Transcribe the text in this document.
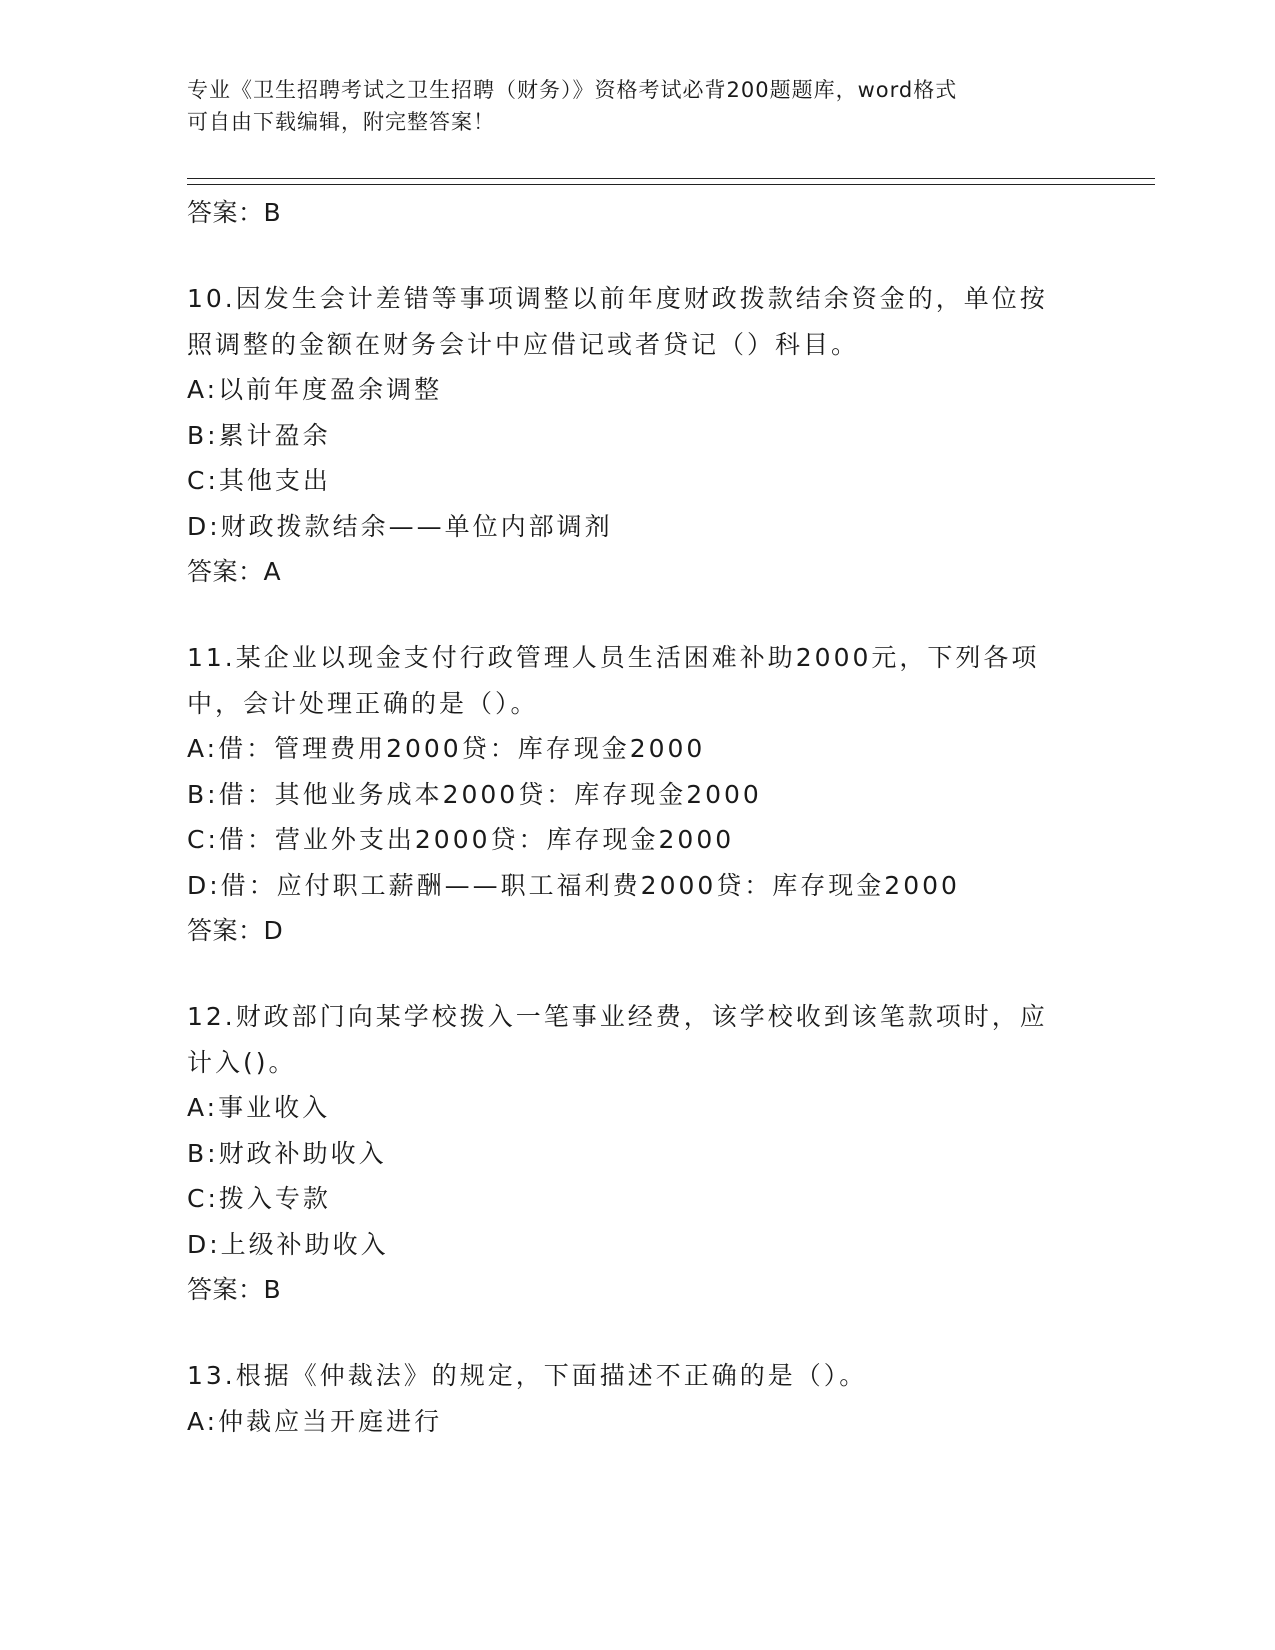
专业《卫生招聘考试之卫生招聘（财务）》资格考试必背200题题库，word格式
可自由下载编辑，附完整答案！
答案：B
10.因发生会计差错等事项调整以前年度财政拨款结余资金的，单位按
照调整的金额在财务会计中应借记或者贷记（）科目。
A:以前年度盈余调整
B:累计盈余
C:其他支出
D:财政拨款结余——单位内部调剂
答案：A
11.某企业以现金支付行政管理人员生活困难补助2000元，下列各项
中，会计处理正确的是（）。
A:借：管理费用2000贷：库存现金2000
B:借：其他业务成本2000贷：库存现金2000
C:借：营业外支出2000贷：库存现金2000
D:借：应付职工薪酬——职工福利费2000贷：库存现金2000
答案：D
12.财政部门向某学校拨入一笔事业经费，该学校收到该笔款项时，应
计入()。
A:事业收入
B:财政补助收入
C:拨入专款
D:上级补助收入
答案：B
13.根据《仲裁法》的规定，下面描述不正确的是（）。
A:仲裁应当开庭进行
